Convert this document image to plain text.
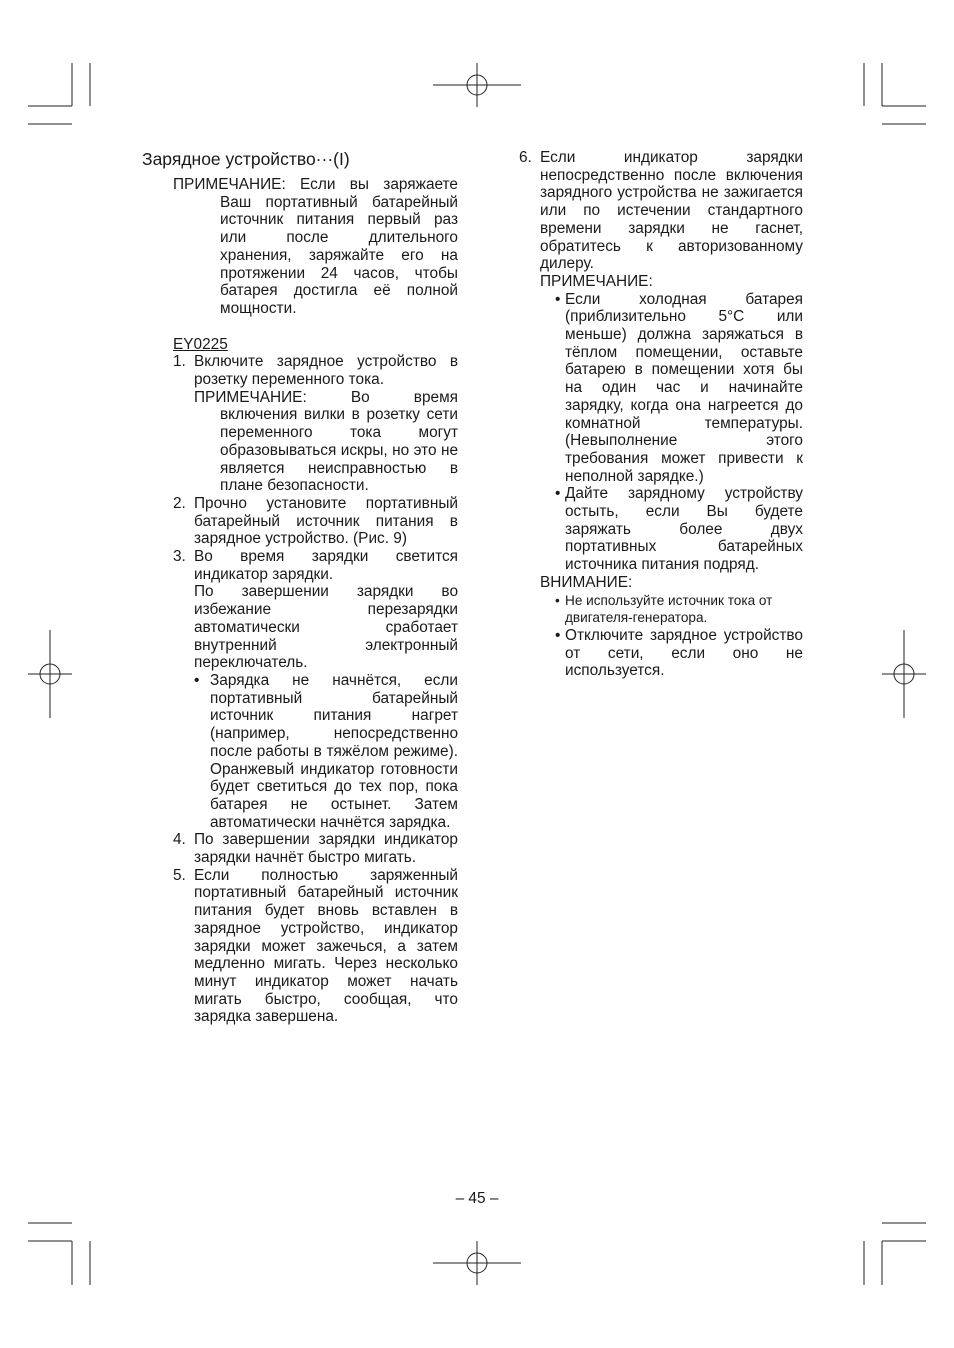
Зарядное устройство···(I)

ПРИМЕЧАНИЕ: Если вы заряжаете Ваш портативный батарейный источник питания первый раз или после длительного хранения, заряжайте его на протяжении 24 часов, чтобы батарея достигла её полной мощности.

EY0225

1. Включите зарядное устройство в розетку переменного тока.

ПРИМЕЧАНИЕ:	Во время включения вилки в розетку сети переменного тока могут образовываться искры, но это не является неисправностью в плане безопасности.

2. Прочно установите портативный батарейный источник питания в зарядное устройство. (Рис. 9)

3. Во время зарядки светится индикатор зарядки.

По завершении зарядки во избежание перезарядки автоматически сработает внутренний электронный переключатель.

• Зарядка не начнётся, если портативный батарейный источник питания нагрет (например, непосредственно после работы в тяжёлом режиме). Оранжевый индикатор готовности будет светиться до тех пор, пока батарея не остынет. Затем автоматически начнётся зарядка.

4. По завершении зарядки индикатор зарядки начнёт быстро мигать.

5. Если полностью заряженный портативный батарейный источник питания будет вновь вставлен в зарядное устройство, индикатор зарядки может зажечься, а затем медленно мигать. Через несколько минут индикатор может начать мигать быстро, сообщая, что зарядка завершена.

6. Если индикатор зарядки непосредственно после включения зарядного устройства не зажигается или по истечении стандартного времени зарядки не гаснет, обратитесь к авторизованному дилеру.

ПРИМЕЧАНИЕ:

• Если холодная батарея (приблизительно 5°C или меньше) должна заряжаться в тёплом помещении, оставьте батарею в помещении хотя бы на один час и начинайте зарядку, когда она нагреется до комнатной температуры. (Невыполнение этого требования может привести к неполной зарядке.)

• Дайте зарядному устройству остыть, если Вы будете заряжать более двух портативных батарейных источника питания подряд.

ВНИМАНИЕ:

• Не используйте источник тока от двигателя-генератора.

• Отключите зарядное устройство от сети, если оно не используется.

– 45 –
